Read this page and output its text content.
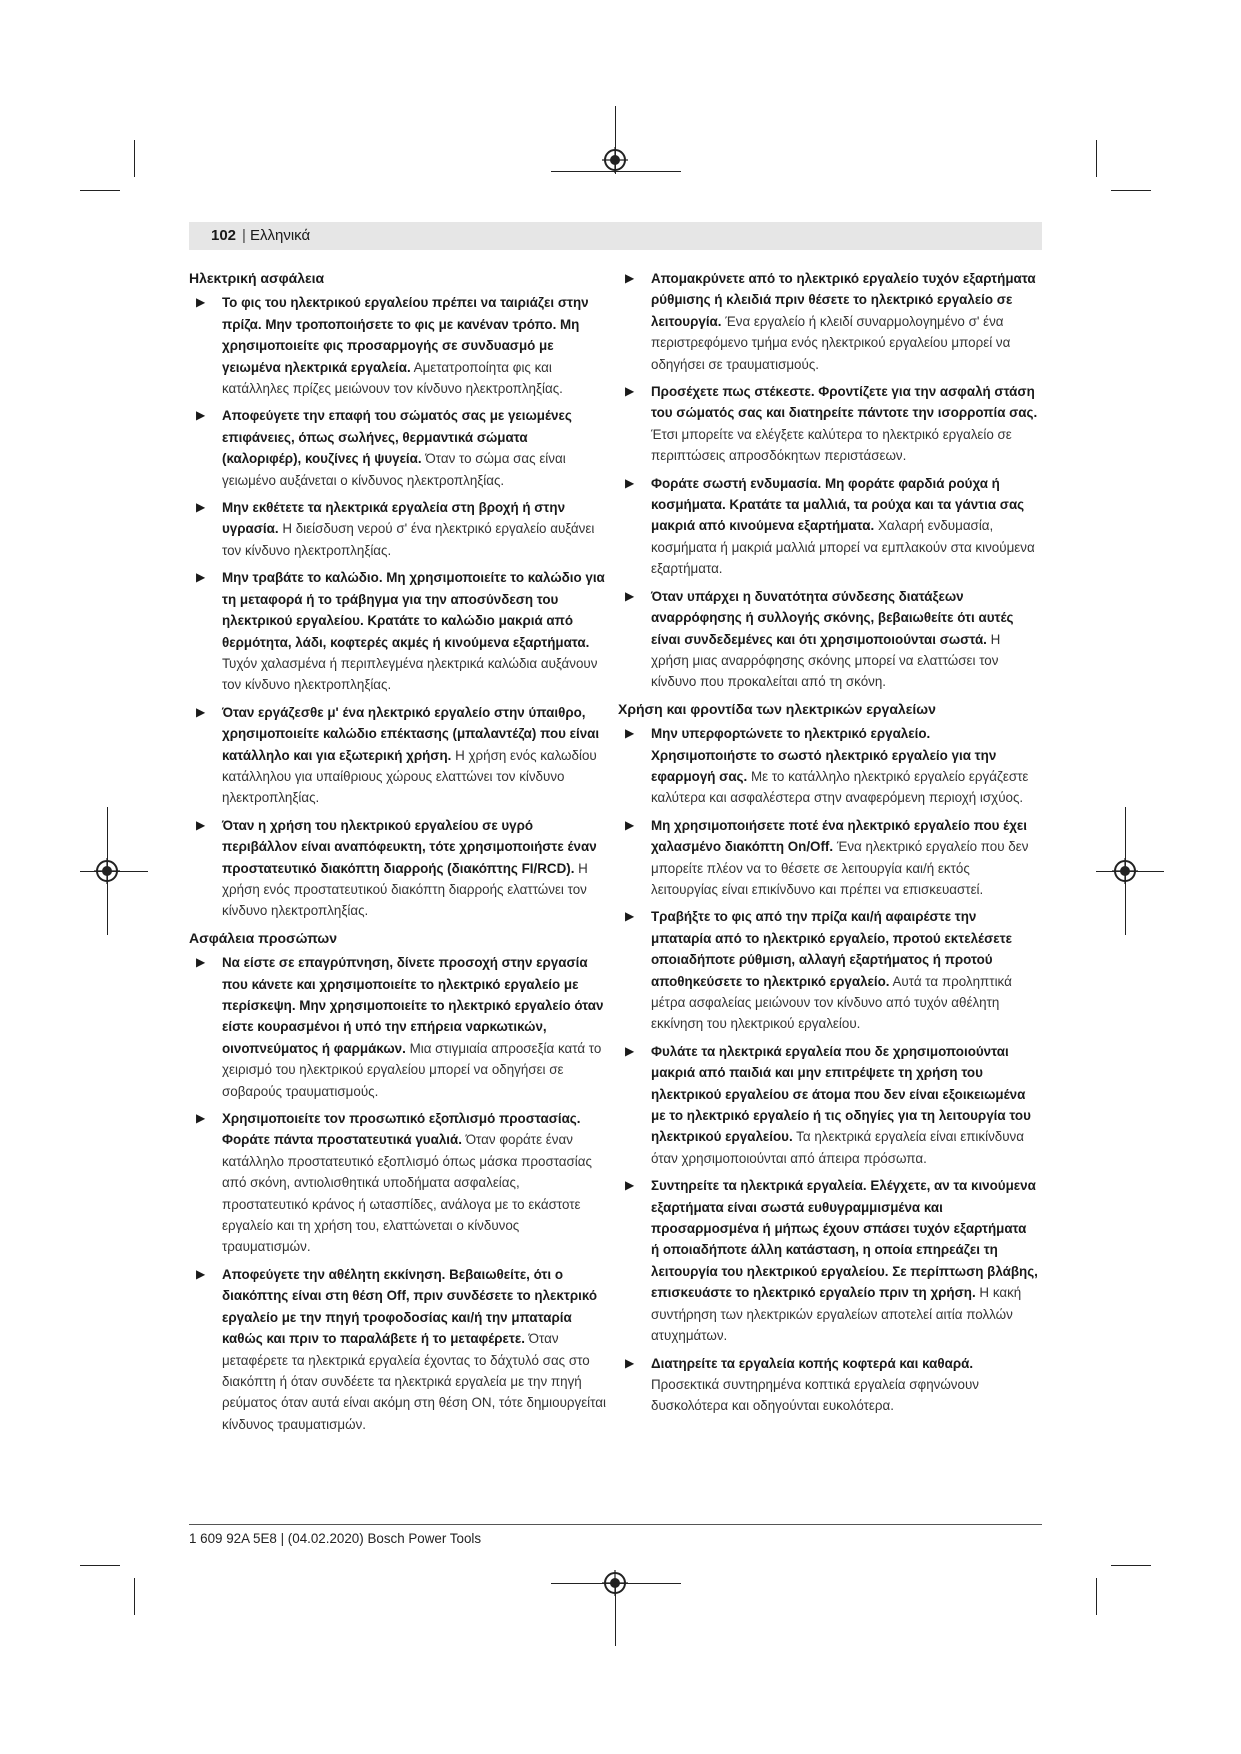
102 | Ελληνικά
Ηλεκτρική ασφάλεια
▶ Το φις του ηλεκτρικού εργαλείου πρέπει να ταιριάζει στην πρίζα. Μην τροποποιήσετε το φις με κανέναν τρόπο. Μη χρησιμοποιείτε φις προσαρμογής σε συνδυασμό με γειωμένα ηλεκτρικά εργαλεία. Αμετατροποίητα φις και κατάλληλες πρίζες μειώνουν τον κίνδυνο ηλεκτροπληξίας.

▶ Αποφεύγετε την επαφή του σώματός σας με γειωμένες επιφάνειες, όπως σωλήνες, θερμαντικά σώματα (καλοριφέρ), κουζίνες ή ψυγεία. Όταν το σώμα σας είναι γειωμένο αυξάνεται ο κίνδυνος ηλεκτροπληξίας.

▶ Μην εκθέτετε τα ηλεκτρικά εργαλεία στη βροχή ή στην υγρασία. Η διείσδυση νερού σ' ένα ηλεκτρικό εργαλείο αυξάνει τον κίνδυνο ηλεκτροπληξίας.

▶ Μην τραβάτε το καλώδιο. Μη χρησιμοποιείτε το καλώδιο για τη μεταφορά ή το τράβηγμα για την αποσύνδεση του ηλεκτρικού εργαλείου. Κρατάτε το καλώδιο μακριά από θερμότητα, λάδι, κοφτερές ακμές ή κινούμενα εξαρτήματα. Τυχόν χαλασμένα ή περιπλεγμένα ηλεκτρικά καλώδια αυξάνουν τον κίνδυνο ηλεκτροπληξίας.

▶ Όταν εργάζεσθε μ' ένα ηλεκτρικό εργαλείο στην ύπαιθρο, χρησιμοποιείτε καλώδιο επέκτασης (μπαλαντέζα) που είναι κατάλληλο και για εξωτερική χρήση. Η χρήση ενός καλωδίου κατάλληλου για υπαίθριους χώρους ελαττώνει τον κίνδυνο ηλεκτροπληξίας.

▶ Όταν η χρήση του ηλεκτρικού εργαλείου σε υγρό περιβάλλον είναι αναπόφευκτη, τότε χρησιμοποιήστε έναν προστατευτικό διακόπτη διαρροής (διακόπτης FI/RCD). Η χρήση ενός προστατευτικού διακόπτη διαρροής ελαττώνει τον κίνδυνο ηλεκτροπληξίας.

Ασφάλεια προσώπων
▶ Να είστε σε επαγρύπνηση, δίνετε προσοχή στην εργασία που κάνετε και χρησιμοποιείτε το ηλεκτρικό εργαλείο με περίσκεψη. Μην χρησιμοποιείτε το ηλεκτρικό εργαλείο όταν είστε κουρασμένοι ή υπό την επήρεια ναρκωτικών, οινοπνεύματος ή φαρμάκων. Μια στιγμιαία απροσεξία κατά το χειρισμό του ηλεκτρικού εργαλείου μπορεί να οδηγήσει σε σοβαρούς τραυματισμούς.

▶ Χρησιμοποιείτε τον προσωπικό εξοπλισμό προστασίας. Φοράτε πάντα προστατευτικά γυαλιά. Όταν φοράτε έναν κατάλληλο προστατευτικό εξοπλισμό όπως μάσκα προστασίας από σκόνη, αντιολισθητικά υποδήματα ασφαλείας, προστατευτικό κράνος ή ωτασπίδες, ανάλογα με το εκάστοτε εργαλείο και τη χρήση του, ελαττώνεται ο κίνδυνος τραυματισμών.

▶ Αποφεύγετε την αθέλητη εκκίνηση. Βεβαιωθείτε, ότι ο διακόπτης είναι στη θέση Off, πριν συνδέσετε το ηλεκτρικό εργαλείο με την πηγή τροφοδοσίας και/ή την μπαταρία καθώς και πριν το παραλάβετε ή το μεταφέρετε. Όταν μεταφέρετε τα ηλεκτρικά εργαλεία έχοντας το δάχτυλό σας στο διακόπτη ή όταν συνδέετε τα ηλεκτρικά εργαλεία με την πηγή ρεύματος όταν αυτά είναι ακόμη στη θέση ON, τότε δημιουργείται κίνδυνος τραυματισμών.

▶ Απομακρύνετε από το ηλεκτρικό εργαλείο τυχόν εξαρτήματα ρύθμισης ή κλειδιά πριν θέσετε το ηλεκτρικό εργαλείο σε λειτουργία. Ένα εργαλείο ή κλειδί συναρμολογημένο σ' ένα περιστρεφόμενο τμήμα ενός ηλεκτρικού εργαλείου μπορεί να οδηγήσει σε τραυματισμούς.

▶ Προσέχετε πως στέκεστε. Φροντίζετε για την ασφαλή στάση του σώματός σας και διατηρείτε πάντοτε την ισορροπία σας. Έτσι μπορείτε να ελέγξετε καλύτερα το ηλεκτρικό εργαλείο σε περιπτώσεις απροσδόκητων περιστάσεων.

▶ Φοράτε σωστή ενδυμασία. Μη φοράτε φαρδιά ρούχα ή κοσμήματα. Κρατάτε τα μαλλιά, τα ρούχα και τα γάντια σας μακριά από κινούμενα εξαρτήματα. Χαλαρή ενδυμασία, κοσμήματα ή μακριά μαλλιά μπορεί να εμπλακούν στα κινούμενα εξαρτήματα.

▶ Όταν υπάρχει η δυνατότητα σύνδεσης διατάξεων αναρρόφησης ή συλλογής σκόνης, βεβαιωθείτε ότι αυτές είναι συνδεδεμένες και ότι χρησιμοποιούνται σωστά. Η χρήση μιας αναρρόφησης σκόνης μπορεί να ελαττώσει τον κίνδυνο που προκαλείται από τη σκόνη.

Χρήση και φροντίδα των ηλεκτρικών εργαλείων
▶ Μην υπερφορτώνετε το ηλεκτρικό εργαλείο. Χρησιμοποιήστε το σωστό ηλεκτρικό εργαλείο για την εφαρμογή σας. Με το κατάλληλο ηλεκτρικό εργαλείο εργάζεστε καλύτερα και ασφαλέστερα στην αναφερόμενη περιοχή ισχύος.

▶ Μη χρησιμοποιήσετε ποτέ ένα ηλεκτρικό εργαλείο που έχει χαλασμένο διακόπτη On/Off. Ένα ηλεκτρικό εργαλείο που δεν μπορείτε πλέον να το θέσετε σε λειτουργία και/ή εκτός λειτουργίας είναι επικίνδυνο και πρέπει να επισκευαστεί.

▶ Τραβήξτε το φις από την πρίζα και/ή αφαιρέστε την μπαταρία από το ηλεκτρικό εργαλείο, προτού εκτελέσετε οποιαδήποτε ρύθμιση, αλλαγή εξαρτήματος ή προτού αποθηκεύσετε το ηλεκτρικό εργαλείο. Αυτά τα προληπτικά μέτρα ασφαλείας μειώνουν τον κίνδυνο από τυχόν αθέλητη εκκίνηση του ηλεκτρικού εργαλείου.

▶ Φυλάτε τα ηλεκτρικά εργαλεία που δε χρησιμοποιούνται μακριά από παιδιά και μην επιτρέψετε τη χρήση του ηλεκτρικού εργαλείου σε άτομα που δεν είναι εξοικειωμένα με το ηλεκτρικό εργαλείο ή τις οδηγίες για τη λειτουργία του ηλεκτρικού εργαλείου. Τα ηλεκτρικά εργαλεία είναι επικίνδυνα όταν χρησιμοποιούνται από άπειρα πρόσωπα.

▶ Συντηρείτε τα ηλεκτρικά εργαλεία. Ελέγχετε, αν τα κινούμενα εξαρτήματα είναι σωστά ευθυγραμμισμένα και προσαρμοσμένα ή μήπως έχουν σπάσει τυχόν εξαρτήματα ή οποιαδήποτε άλλη κατάσταση, η οποία επηρεάζει τη λειτουργία του ηλεκτρικού εργαλείου. Σε περίπτωση βλάβης, επισκευάστε το ηλεκτρικό εργαλείο πριν τη χρήση. Η κακή συντήρηση των ηλεκτρικών εργαλείων αποτελεί αιτία πολλών ατυχημάτων.

▶ Διατηρείτε τα εργαλεία κοπής κοφτερά και καθαρά. Προσεκτικά συντηρημένα κοπτικά εργαλεία σφηνώνουν δυσκολότερα και οδηγούνται ευκολότερα.

1 609 92A 5E8 | (04.02.2020) Bosch Power Tools
